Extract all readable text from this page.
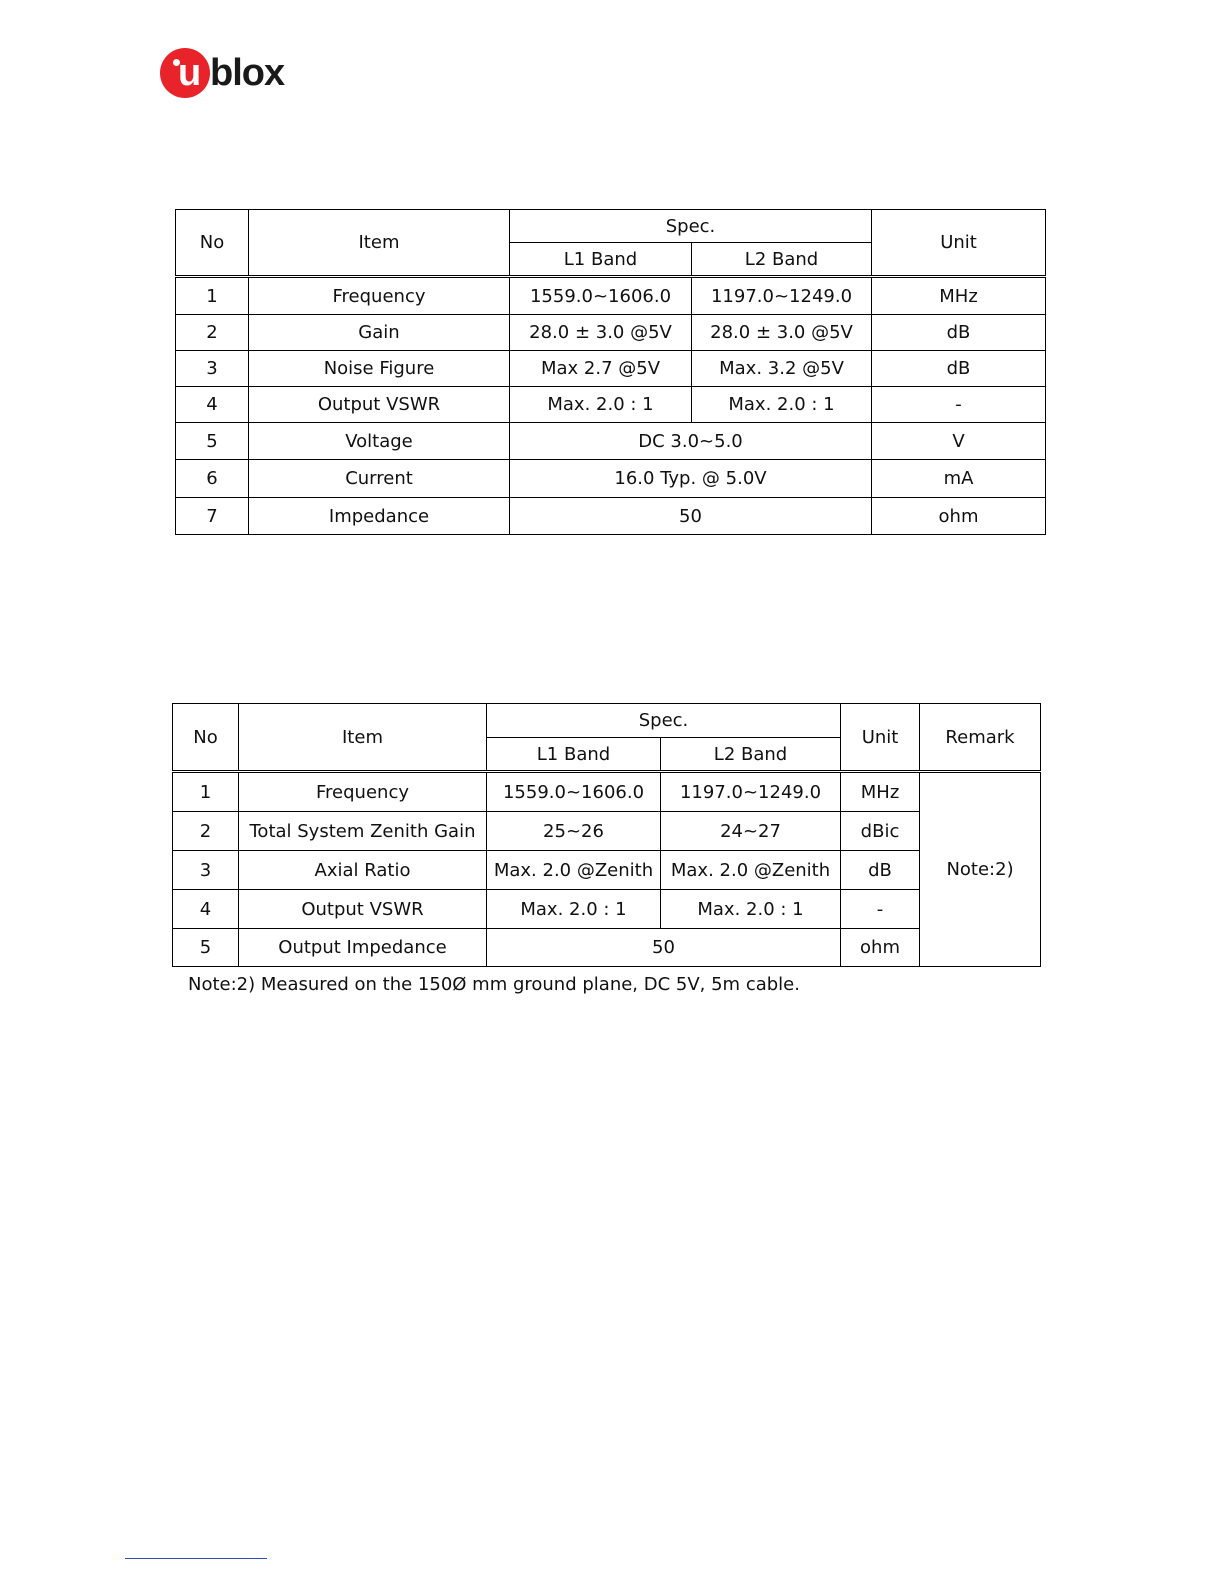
u blox
No	Item	Spec.		Unit
		L1 Band	L2 Band	
1	Frequency	1559.0~1606.0	1197.0~1249.0	MHz
2	Gain	28.0 ± 3.0 @5V	28.0 ± 3.0 @5V	dB
3	Noise Figure	Max 2.7 @5V	Max. 3.2 @5V	dB
4	Output VSWR	Max. 2.0 : 1	Max. 2.0 : 1	-
5	Voltage	DC 3.0~5.0		V
6	Current	16.0 Typ. @ 5.0V		mA
7	Impedance	50		ohm
No	Item	Spec.		Unit	Remark
		L1 Band	L2 Band		
1	Frequency	1559.0~1606.0	1197.0~1249.0	MHz	Note:2)
2	Total System Zenith Gain	25~26	24~27	dBic	
3	Axial Ratio	Max. 2.0 @Zenith	Max. 2.0 @Zenith	dB	
4	Output VSWR	Max. 2.0 : 1	Max. 2.0 : 1	-	
5	Output Impedance	50		ohm	
Note:2) Measured on the 150Ø mm ground plane, DC 5V, 5m cable.
